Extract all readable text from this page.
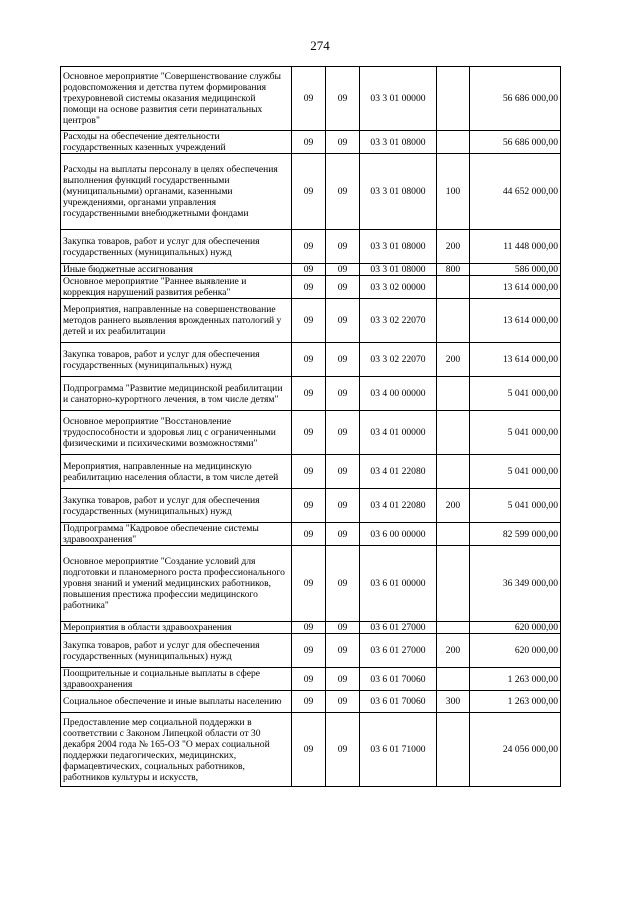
274
Основное мероприятие "Совершенствование службы родовспоможения и детства путем формирования трехуровневой системы оказания медицинской помощи на основе развития сети перинатальных центров"	09	09	03 3 01 00000		56 686 000,00
Расходы на обеспечение деятельности государственных казенных учреждений	09	09	03 3 01 08000		56 686 000,00
Расходы на выплаты персоналу в целях обеспечения выполнения функций государственными (муниципальными) органами, казенными учреждениями, органами управления государственными внебюджетными фондами	09	09	03 3 01 08000	100	44 652 000,00
Закупка товаров, работ и услуг для обеспечения государственных (муниципальных) нужд	09	09	03 3 01 08000	200	11 448 000,00
Иные бюджетные ассигнования	09	09	03 3 01 08000	800	586 000,00
Основное мероприятие "Раннее выявление и коррекция нарушений развития ребенка"	09	09	03 3 02 00000		13 614 000,00
Мероприятия, направленные на совершенствование методов раннего выявления врожденных патологий у детей и их реабилитации	09	09	03 3 02 22070		13 614 000,00
Закупка товаров, работ и услуг для обеспечения государственных (муниципальных) нужд	09	09	03 3 02 22070	200	13 614 000,00
Подпрограмма "Развитие медицинской реабилитации и санаторно-курортного лечения, в том числе детям"	09	09	03 4 00 00000		5 041 000,00
Основное мероприятие "Восстановление трудоспособности и здоровья лиц с ограниченными физическими и психическими возможностями"	09	09	03 4 01 00000		5 041 000,00
Мероприятия, направленные на медицинскую реабилитацию населения области, в том числе детей	09	09	03 4 01 22080		5 041 000,00
Закупка товаров, работ и услуг для обеспечения государственных (муниципальных) нужд	09	09	03 4 01 22080	200	5 041 000,00
Подпрограмма "Кадровое обеспечение системы здравоохранения"	09	09	03 6 00 00000		82 599 000,00
Основное мероприятие "Создание условий для подготовки и планомерного роста профессионального уровня знаний и умений медицинских работников, повышения престижа профессии медицинского работника"	09	09	03 6 01 00000		36 349 000,00
Мероприятия в области здравоохранения	09	09	03 6 01 27000		620 000,00
Закупка товаров, работ и услуг для обеспечения государственных (муниципальных) нужд	09	09	03 6 01 27000	200	620 000,00
Поощрительные и социальные выплаты в сфере здравоохранения	09	09	03 6 01 70060		1 263 000,00
Социальное обеспечение и иные выплаты населению	09	09	03 6 01 70060	300	1 263 000,00
Предоставление мер социальной поддержки в соответствии с Законом Липецкой области от 30 декабря 2004 года № 165-ОЗ "О мерах социальной поддержки педагогических, медицинских, фармацевтических, социальных работников, работников культуры и искусств,	09	09	03 6 01 71000		24 056 000,00
